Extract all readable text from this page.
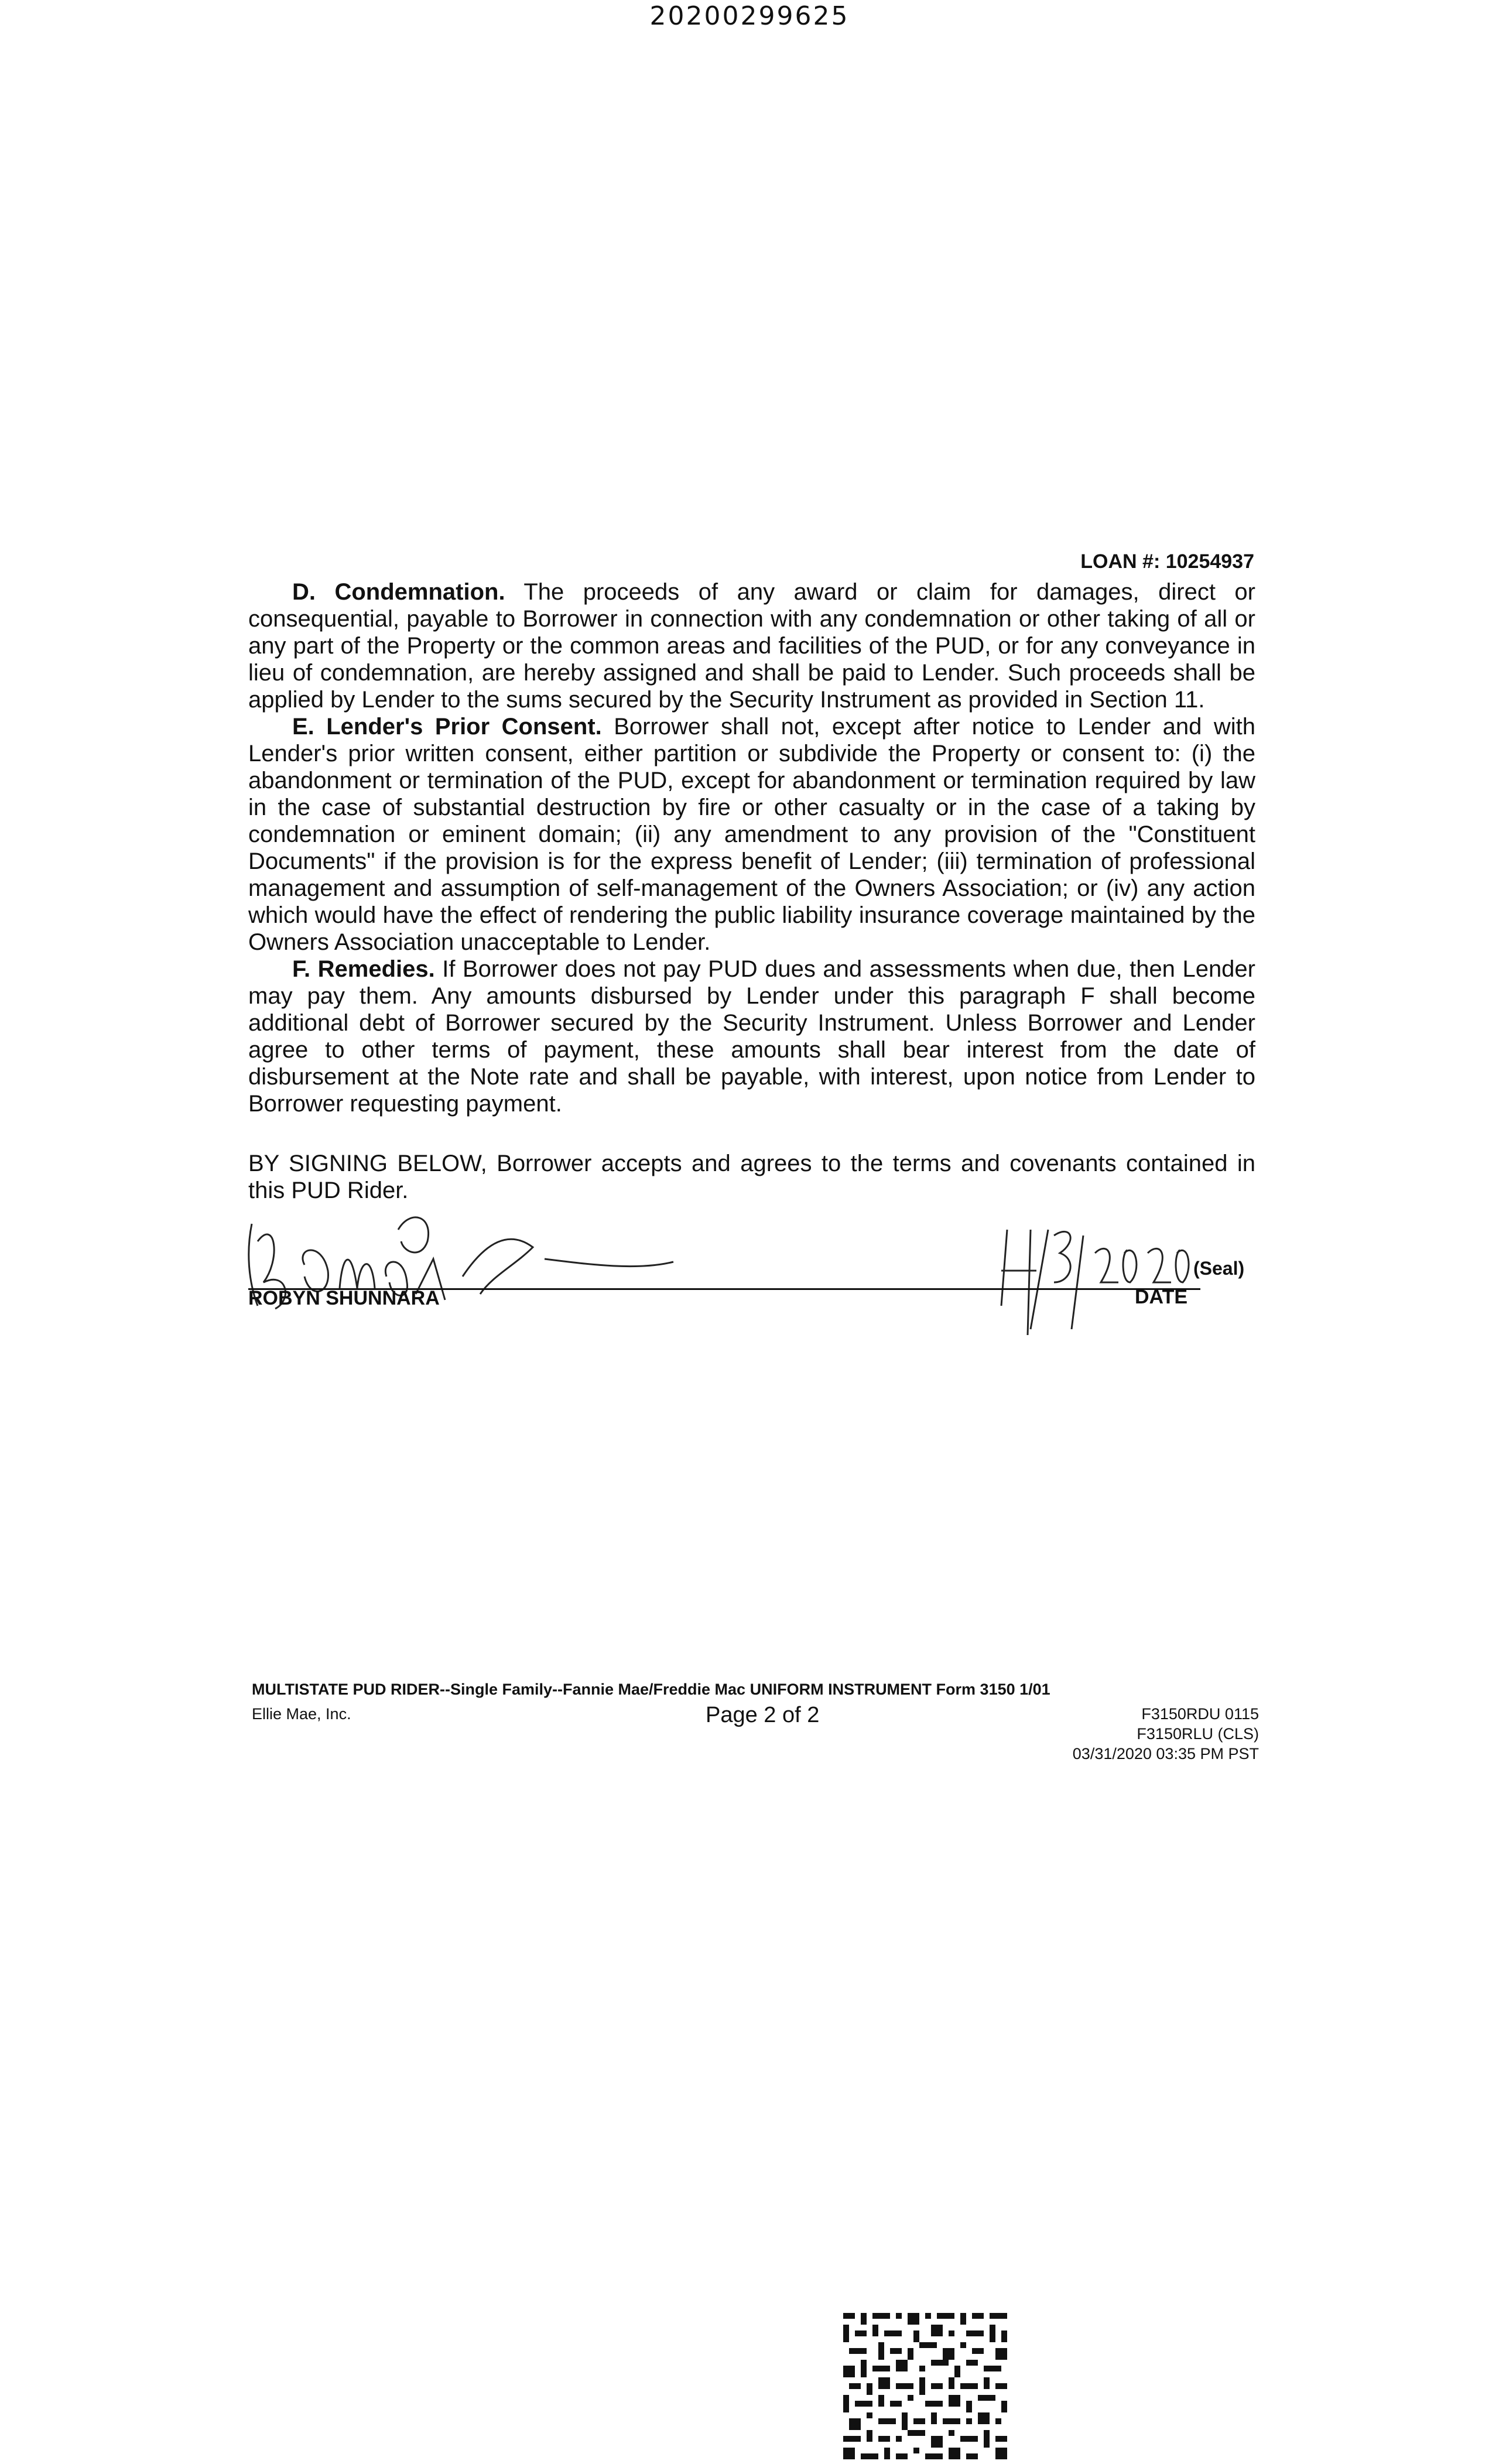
20200299625
LOAN #: 10254937

D. Condemnation. The proceeds of any award or claim for damages, direct or consequential, payable to Borrower in connection with any condemnation or other taking of all or any part of the Property or the common areas and facilities of the PUD, or for any conveyance in lieu of condemnation, are hereby assigned and shall be paid to Lender. Such proceeds shall be applied by Lender to the sums secured by the Security Instrument as provided in Section 11.

E. Lender's Prior Consent. Borrower shall not, except after notice to Lender and with Lender's prior written consent, either partition or subdivide the Property or consent to: (i) the abandonment or termination of the PUD, except for abandonment or termination required by law in the case of substantial destruction by fire or other casualty or in the case of a taking by condemnation or eminent domain; (ii) any amendment to any provision of the "Constituent Documents" if the provision is for the express benefit of Lender; (iii) termination of professional management and assumption of self-management of the Owners Association; or (iv) any action which would have the effect of rendering the public liability insurance coverage maintained by the Owners Association unacceptable to Lender.

F. Remedies. If Borrower does not pay PUD dues and assessments when due, then Lender may pay them. Any amounts disbursed by Lender under this paragraph F shall become additional debt of Borrower secured by the Security Instrument. Unless Borrower and Lender agree to other terms of payment, these amounts shall bear interest from the date of disbursement at the Note rate and shall be payable, with interest, upon notice from Lender to Borrower requesting payment.

BY SIGNING BELOW, Borrower accepts and agrees to the terms and covenants contained in this PUD Rider.

ROBYN SHUNNARA
(Seal)
DATE
MULTISTATE PUD RIDER--Single Family--Fannie Mae/Freddie Mac UNIFORM INSTRUMENT Form 3150 1/01
Ellie Mae, Inc.	Page 2 of 2	F3150RDU 0115
F3150RLU (CLS)
03/31/2020 03:35 PM PST
